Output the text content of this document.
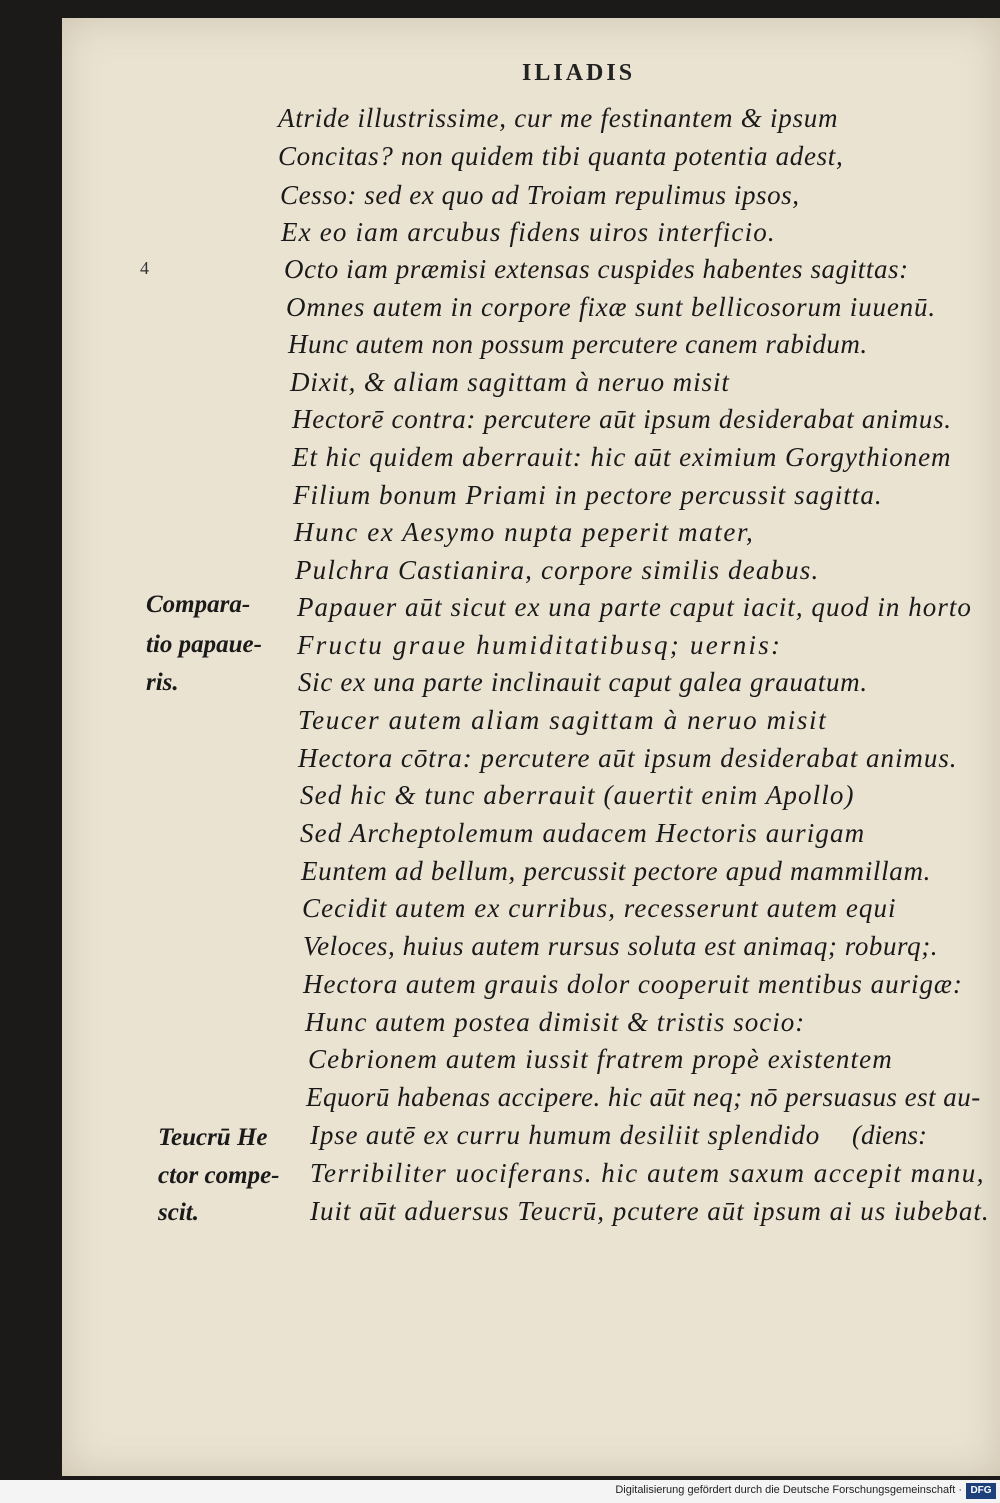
ILIADIS
4
Atride illustrissime, cur me festinantem & ipsum
Concitas? non quidem tibi quanta potentia adest,
Cesso: sed ex quo ad Troiam repulimus ipsos,
Ex eo iam arcubus fidens uiros interficio.
Octo iam præmisi extensas cuspides habentes sagittas:
Omnes autem in corpore fixæ sunt bellicosorum iuuenū.
Hunc autem non possum percutere canem rabidum.
Dixit, & aliam sagittam à neruo misit
Hectorē contra: percutere aūt ipsum desiderabat animus.
Et hic quidem aberrauit: hic aūt eximium Gorgythionem
Filium bonum Priami in pectore percussit sagitta.
Hunc ex Aesymo nupta peperit mater,
Pulchra Castianira, corpore similis deabus.
Papauer aūt sicut ex una parte caput iacit, quod in horto
Fructu graue humiditatibusq; uernis:
Sic ex una parte inclinauit caput galea grauatum.
Teucer autem aliam sagittam à neruo misit
Hectora cōtra: percutere aūt ipsum desiderabat animus.
Sed hic & tunc aberrauit (auertit enim Apollo)
Sed Archeptolemum audacem Hectoris aurigam
Euntem ad bellum, percussit pectore apud mammillam.
Cecidit autem ex curribus, recesserunt autem equi
Veloces, huius autem rursus soluta est animaq; roburq;.
Hectora autem grauis dolor cooperuit mentibus aurigæ:
Hunc autem postea dimisit & tristis socio:
Cebrionem autem iussit fratrem propè existentem
Equorū habenas accipere. hic aūt neq; nō persuasus est au-
Ipse autē ex curru humum desiliit splendido
Terribiliter uociferans. hic autem saxum accepit manu,
Iuit aūt aduersus Teucrū, pcutere aūt ipsum ai us iubebat.
(diens:
Compara-
tio papaue-
ris.
Teucrū He
ctor compe-
scit.
Digitalisierung gefördert durch die Deutsche Forschungsgemeinschaft · DFG
